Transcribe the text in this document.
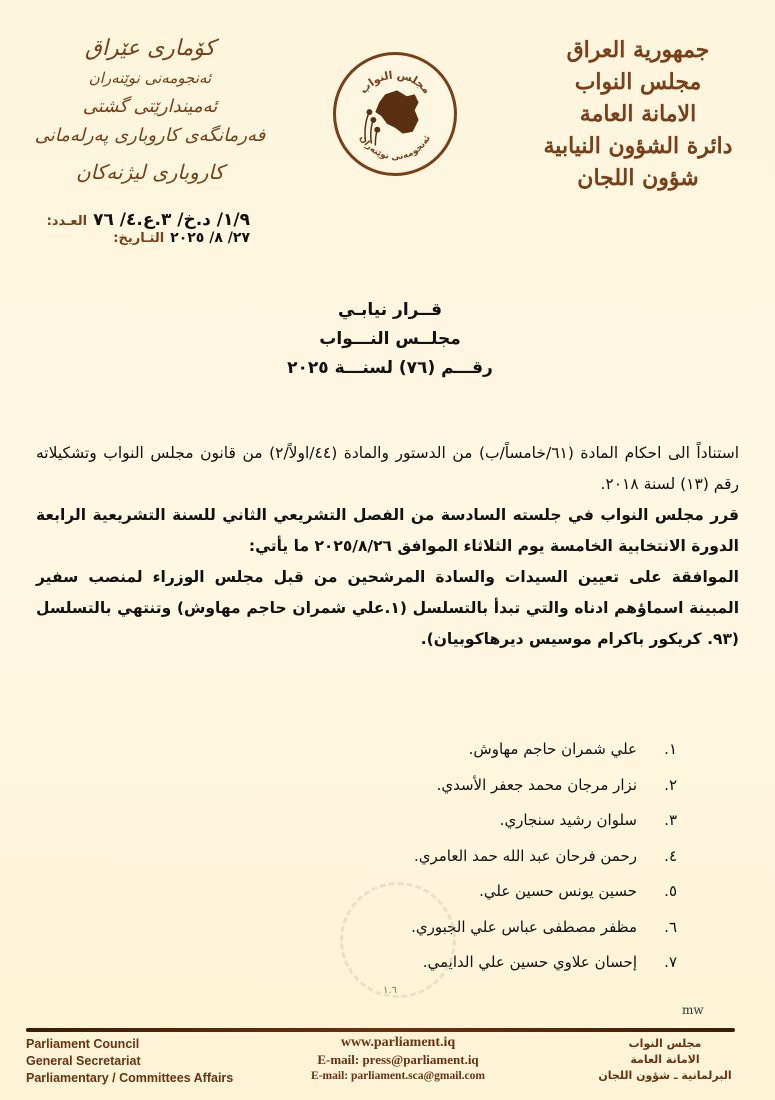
جمهورية العراق
مجلس النواب
الامانة العامة
دائرة الشؤون النيابية
شؤون اللجان
مجلس النواب
ئەنجومەنی نوێنەران
کۆماری عێراق
ئەنجومەنی نوێنەران
ئەمیندارێتی گشتی
فەرمانگەی کاروباری پەرلەمانی
کاروباری لیژنەکان
العـدد: ١/٩/ د.خ/ ٣.ع.٤/ ٧٦
التـاريخ: ٢٧/ ٨/ ٢٠٢٥
قــرار نيابـي
مجلــس النـــواب
رقـــم (٧٦) لسنـــة ٢٠٢٥

استناداً الى احكام المادة (٦١/خامساً/ب) من الدستور والمادة (٤٤/اولاً/٢) من قانون مجلس النواب وتشكيلاته رقم (١٣) لسنة ٢٠١٨.

قرر مجلس النواب في جلسته السادسة من الفصل التشريعي الثاني للسنة التشريعية الرابعة الدورة الانتخابية الخامسة يوم الثلاثاء الموافق ٢٠٢٥/٨/٢٦ ما يأتي:

الموافقة على تعيين السيدات والسادة المرشحين من قبل مجلس الوزراء لمنصب سفير المبينة اسماؤهم ادناه والتي تبدأ بالتسلسل (١.علي شمران حاجم مهاوش) وتنتهي بالتسلسل (٩٣. كريكور باكرام موسيس ديرهاكوبيان).

١.
علي شمران حاجم مهاوش.
٢.
نزار مرجان محمد جعفر الأسدي.
٣.
سلوان رشيد سنجاري.
٤.
رحمن فرحان عبد الله حمد العامري.
٥.
حسين يونس حسين علي.
٦.
مظفر مصطفى عباس علي الجبوري.
٧.
إحسان علاوي حسين علي الدايمي.
١.٦
mw
Parliament Council
General Secretariat
Parliamentary / Committees Affairs
www.parliament.iq
E-mail: press@parliament.iq
E-mail: parliament.sca@gmail.com
مجلس النواب
الامانة العامة
البرلمانية ـ شؤون اللجان
